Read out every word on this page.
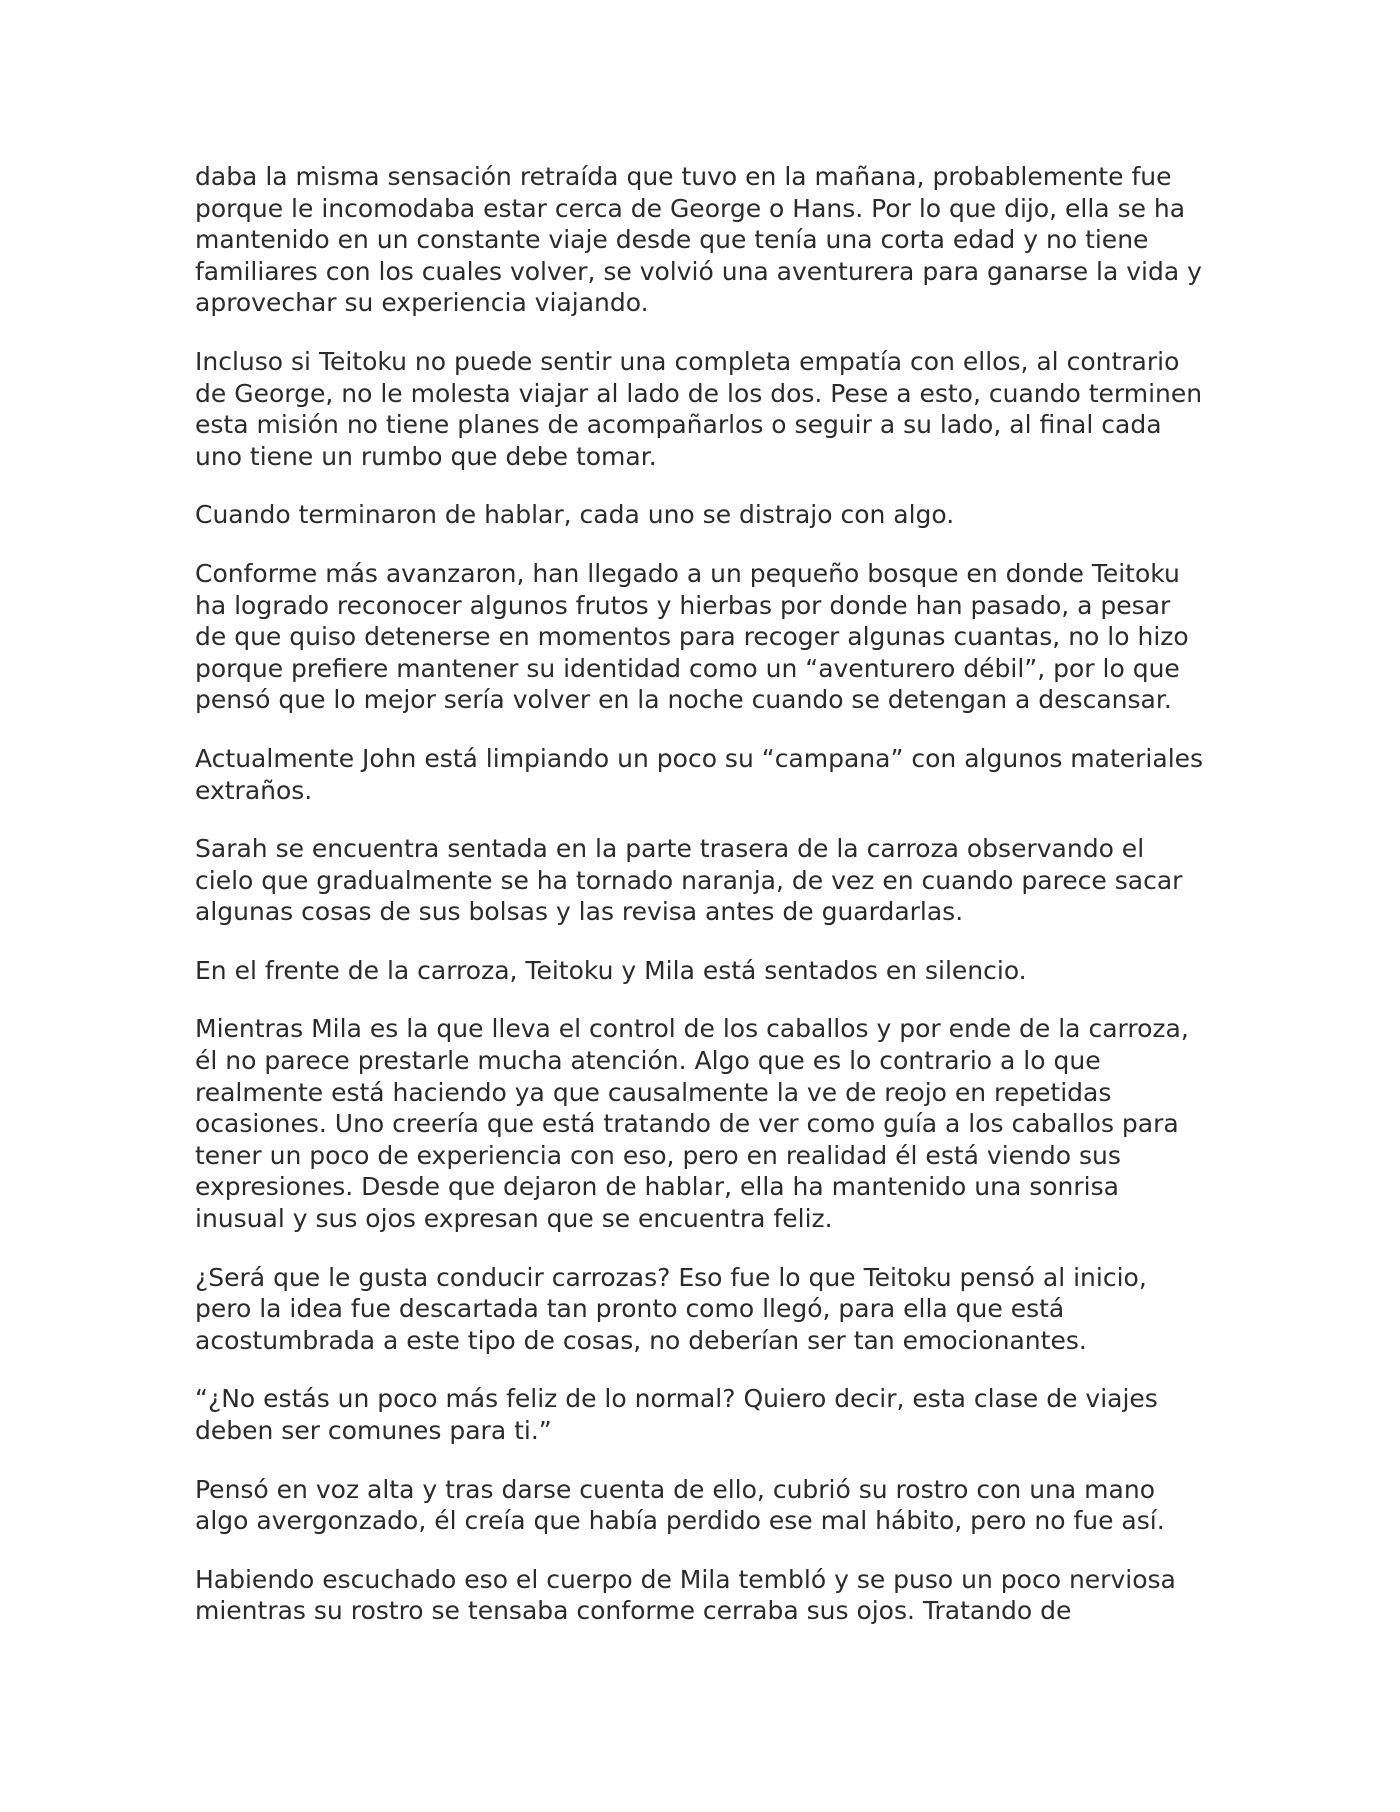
daba la misma sensación retraída que tuvo en la mañana, probablemente fue porque le incomodaba estar cerca de George o Hans. Por lo que dijo, ella se ha mantenido en un constante viaje desde que tenía una corta edad y no tiene familiares con los cuales volver, se volvió una aventurera para ganarse la vida y aprovechar su experiencia viajando.

Incluso si Teitoku no puede sentir una completa empatía con ellos, al contrario de George, no le molesta viajar al lado de los dos. Pese a esto, cuando terminen esta misión no tiene planes de acompañarlos o seguir a su lado, al final cada uno tiene un rumbo que debe tomar.

Cuando terminaron de hablar, cada uno se distrajo con algo.

Conforme más avanzaron, han llegado a un pequeño bosque en donde Teitoku ha logrado reconocer algunos frutos y hierbas por donde han pasado, a pesar de que quiso detenerse en momentos para recoger algunas cuantas, no lo hizo porque prefiere mantener su identidad como un “aventurero débil”, por lo que pensó que lo mejor sería volver en la noche cuando se detengan a descansar.

Actualmente John está limpiando un poco su “campana” con algunos materiales extraños.

Sarah se encuentra sentada en la parte trasera de la carroza observando el cielo que gradualmente se ha tornado naranja, de vez en cuando parece sacar algunas cosas de sus bolsas y las revisa antes de guardarlas.

En el frente de la carroza, Teitoku y Mila está sentados en silencio.

Mientras Mila es la que lleva el control de los caballos y por ende de la carroza, él no parece prestarle mucha atención. Algo que es lo contrario a lo que realmente está haciendo ya que causalmente la ve de reojo en repetidas ocasiones. Uno creería que está tratando de ver como guía a los caballos para tener un poco de experiencia con eso, pero en realidad él está viendo sus expresiones. Desde que dejaron de hablar, ella ha mantenido una sonrisa inusual y sus ojos expresan que se encuentra feliz.

¿Será que le gusta conducir carrozas? Eso fue lo que Teitoku pensó al inicio, pero la idea fue descartada tan pronto como llegó, para ella que está acostumbrada a este tipo de cosas, no deberían ser tan emocionantes.

“¿No estás un poco más feliz de lo normal? Quiero decir, esta clase de viajes deben ser comunes para ti.”

Pensó en voz alta y tras darse cuenta de ello, cubrió su rostro con una mano algo avergonzado, él creía que había perdido ese mal hábito, pero no fue así.

Habiendo escuchado eso el cuerpo de Mila tembló y se puso un poco nerviosa mientras su rostro se tensaba conforme cerraba sus ojos. Tratando de
